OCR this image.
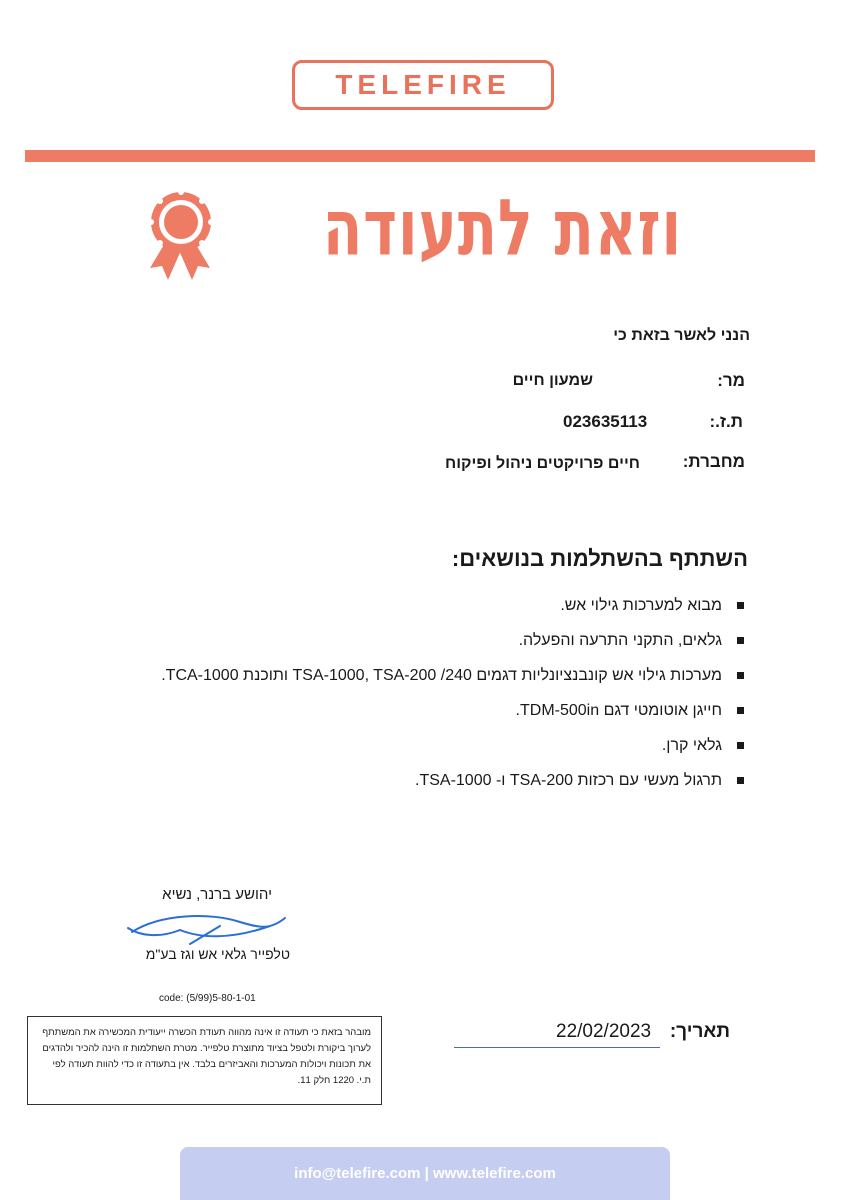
TELEFIRE
וזאת לתעודה
הנני לאשר בזאת כי
מר:
שמעון חיים
ת.ז.:
023635113
מחברת:
חיים פרויקטים ניהול ופיקוח
השתתף בהשתלמות בנושאים:
מבוא למערכות גילוי אש.
גלאים, התקני התרעה והפעלה.
מערכות גילוי אש קונבנציונליות דגמים TSA-1000, TSA-200 /240 ותוכנת TCA-1000.
חייגן אוטומטי דגם TDM-500in.
גלאי קרן.
תרגול מעשי עם רכזות TSA-200 ו- TSA-1000.
יהושע ברנר, נשיא
טלפייר גלאי אש וגז בע"מ
code: (5/99)5-80-1-01
מובהר בזאת כי תעודה זו אינה מהווה תעודת הכשרה ייעודית המכשירה את המשתתף לערוך ביקורת ולטפל בציוד מתוצרת טלפייר. מטרת השתלמות זו הינה להכיר ולהדגים את תכונות ויכולות המערכות והאביזרים בלבד. אין בתעודה זו כדי להוות תעודה לפי ת.י. 1220 חלק 11.
תאריך:
22/02/2023
info@telefire.com | www.telefire.com
